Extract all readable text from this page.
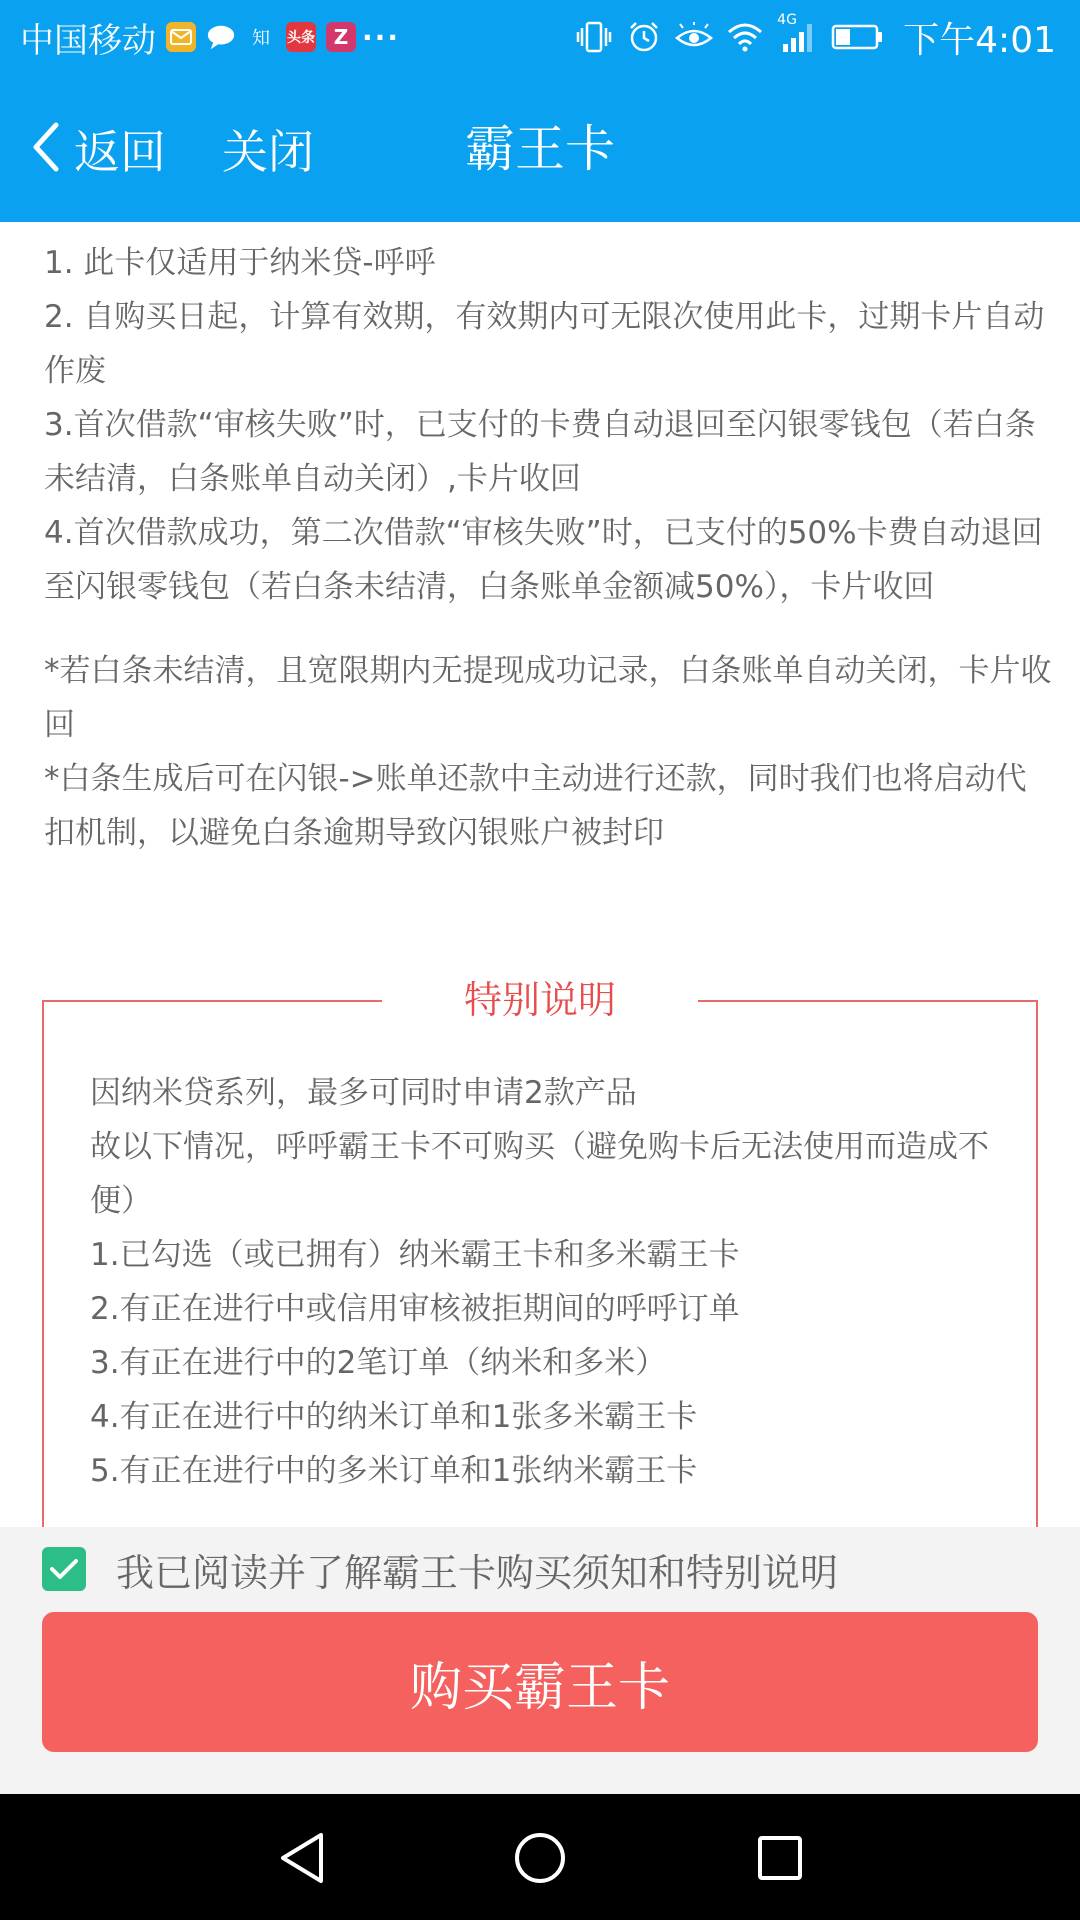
中国移动	知	头条 Z ···
4G	下午4:01
返回 关闭	霸王卡

1. 此卡仅适用于纳米贷-呼呼

2. 自购买日起，计算有效期，有效期内可无限次使用此卡，过期卡片自动作废

3.首次借款“审核失败”时，已支付的卡费自动退回至闪银零钱包（若白条未结清，白条账单自动关闭）,卡片收回

4.首次借款成功，第二次借款“审核失败”时，已支付的50%卡费自动退回至闪银零钱包（若白条未结清，白条账单金额减50%），卡片收回

*若白条未结清，且宽限期内无提现成功记录，白条账单自动关闭，卡片收回

*白条生成后可在闪银->账单还款中主动进行还款，同时我们也将启动代扣机制，以避免白条逾期导致闪银账户被封印

特别说明

因纳米贷系列，最多可同时申请2款产品

故以下情况，呼呼霸王卡不可购买（避免购卡后无法使用而造成不便）

1.已勾选（或已拥有）纳米霸王卡和多米霸王卡

2.有正在进行中或信用审核被拒期间的呼呼订单

3.有正在进行中的2笔订单（纳米和多米）

4.有正在进行中的纳米订单和1张多米霸王卡

5.有正在进行中的多米订单和1张纳米霸王卡

我已阅读并了解霸王卡购买须知和特别说明
购买霸王卡
